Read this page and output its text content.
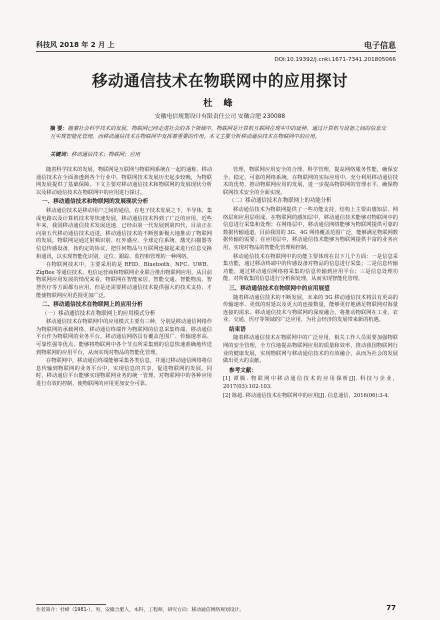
科技风 2018 年 2 月 上	电子信息
DOI:10.19392/j.cnki.1671-7341.201805066
移动通信技术在物联网中的应用探讨
杜 峰
安徽电信规划设计有限责任公司 安徽合肥 230088
摘 要：随着社会科学技术的发展，物联网已经走进社会的各个领域中。物联网是计算机互联网在现实中的延伸，通过计算机与设备之间的信息交互实现智能化管理，而移动通信技术在物联网中发挥着重要的作用。本文主要分析移动通信技术在物联网中的应用。
关键词：移动通信技术；物联网；应用

随着科学技术的发展，物联网是互联网与物联网系统在一起的通称，移动通信技术在全面渗透到各个行业中。物联网技术发展历史起步较晚，为物联网发展提供了基础保障。下文主要对移动通信技术和物联网的发展现状分析以及移动通信技术在物联网中的应用进行探讨。

一、移动通信技术和物联网的发展现状分析

移动通信技术是移动用户之间的通信，在电子技术发展之下，半导体、集成电路以及计算机技术等快速发展，移动通信技术得到了广泛的应用。近些年来，我国移动通信技术发展迅速，已经由第一代发展到第四代，目前正在向第五代移动通信技术迈进，移动通信技术的不断创新极大地推动了物联网的发展。物联网是通过射频识别、红外感应、全球定位系统、激光扫描器等信息传感设备，按约定的协议，把任何物品与互联网连接起来进行信息交换和通讯，以实现智能化识别、定位、跟踪、监控和管理的一种网络。

在物联网技术中，主要采用的是 RFID、Bluetooth、NFC、UWB、ZigBee 等通信技术。电信运营商和物联网企业联合推出物联网应用，从目前物联网应用发展的情况来看，物联网在智能家居、智能交通、智能物流、智慧医疗等方面都有应用，但是还需要移动通信技术提供强大的技术支持，才能使物联网应用范围更加广泛。

二、移动通信技术在物联网上的应用分析

（一）移动通信技术在物联网上的应用模式分析

移动通信技术在物联网中的应用模式主要有三种，分别是移动通信网络作为物联网的承载网络、移动通信终端作为物联网的信息采集终端、移动通信平台作为物联网的业务平台。移动通信网络具有覆盖范围广、传输速率高、可靠性强等优点，能够将物联网中各个节点所采集到的信息快速准确地传送到物联网的应用平台，从而实现对物品的智能化管理。

在物联网中，移动通信终端能够采集各类信息，并通过移动通信网络将信息传输到物联网的业务平台中，实现信息的共享，促进物联网的发展。同时，移动通信平台能够实现物联网业务的统一管理，对物联网中的各种应用进行有效的控制，使物联网的应用更加安全可靠。

管理，物联网应用安全的合理、科学管理，提高网络服务性能，确保安全、稳定、可靠的网络系统。在物联网的实际应用中，充分利用移动通信技术的优势，推动物联网应用的发展，进一步提高物联网的管理水平，确保物联网技术安全的全面实现。

（二）移动通信技术在物联网上的功能分析

移动通信技术为物联网提供了一些功能支持，结构上主要由感知层、网络层和应用层组成。在物联网的感知层中，移动通信技术能够对物联网中的信息进行采集和处理；在网络层中，移动通信网络能够为物联网提供可靠的数据传输通道，目前我国的 3G、4G 网络覆盖范围广泛，能够满足物联网数据传输的需要；在应用层中，移动通信技术能够为物联网提供丰富的业务应用，实现对物品的智能化管理和控制。

移动通信技术在物联网中的功能主要体现在以下几个方面：一是信息采集功能，通过移动终端中的传感设备对物品的信息进行采集；二是信息传输功能，通过移动通信网络将采集的信息传输到应用平台；三是信息处理功能，对所收集的信息进行分析和处理，从而实现智能化管理。

三、移动通信技术在物联网中的应用展望

随着移动通信技术的不断发展，未来的 5G 移动通信技术将具有更高的传输速率、更低的时延以及更大的连接数量，能够更好地满足物联网对海量连接的需求。移动通信技术与物联网的深度融合，将推动物联网在工业、农业、交通、医疗等领域的广泛应用，为社会经济的发展带来新的机遇。

结束语

随着移动通信技术在物联网中的广泛应用，相关工作人员需要加强物联网的安全管理，全方位地提高物联网应用的质量和效率，推动我国物联网行业的健康发展，实现物联网与移动通信技术的有效融合，从而为社会的发展做出更大的贡献。

参考文献：

[1] 谭腾. 物联网中移动通信技术的应用探析[J]. 科技与企业，2017(03):102-103.

[2] 陈超. 移动通信技术在物联网中的应用[J]. 信息通信，2016(06):3-4.

作者简介：杜峰（1981-），男，安徽合肥人，本科，工程师，研究方向：移动通信网络规划设计。	77
